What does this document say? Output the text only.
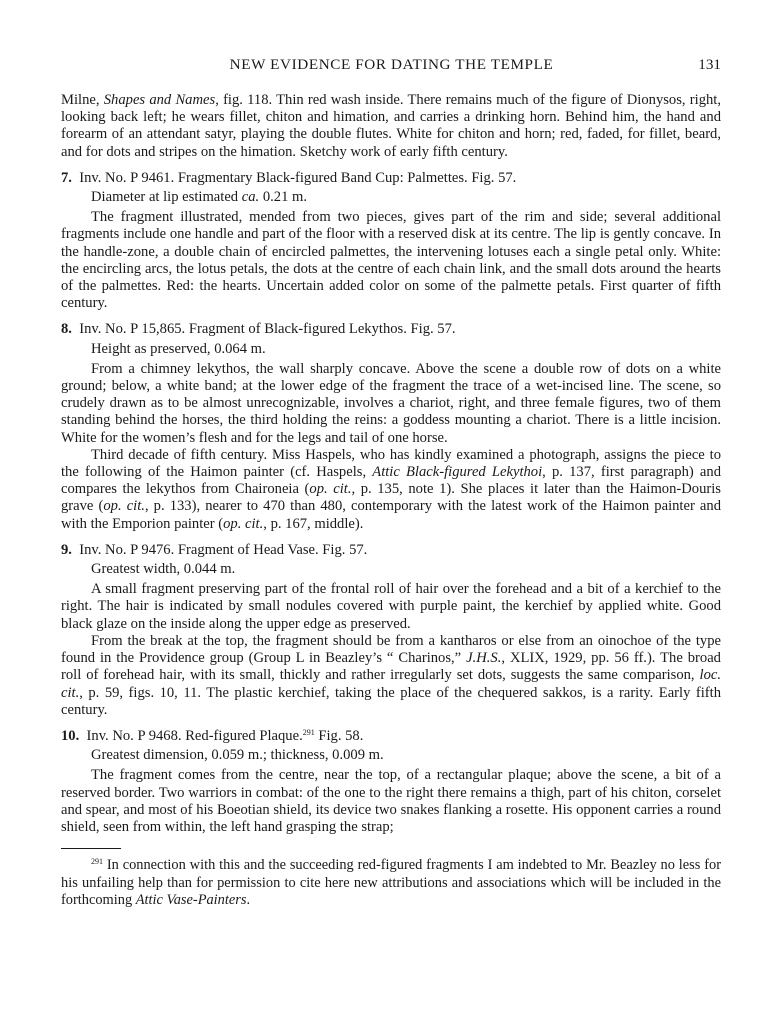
NEW EVIDENCE FOR DATING THE TEMPLE	131

Milne, Shapes and Names, fig. 118. Thin red wash inside. There remains much of the figure of Dionysos, right, looking back left; he wears fillet, chiton and himation, and carries a drinking horn. Behind him, the hand and forearm of an attendant satyr, playing the double flutes. White for chiton and horn; red, faded, for fillet, beard, and for dots and stripes on the himation. Sketchy work of early fifth century.

7. Inv. No. P 9461. Fragmentary Black-figured Band Cup: Palmettes. Fig. 57.

Diameter at lip estimated ca. 0.21 m.

The fragment illustrated, mended from two pieces, gives part of the rim and side; several additional fragments include one handle and part of the floor with a reserved disk at its centre. The lip is gently concave. In the handle-zone, a double chain of encircled palmettes, the intervening lotuses each a single petal only. White: the encircling arcs, the lotus petals, the dots at the centre of each chain link, and the small dots around the hearts of the palmettes. Red: the hearts. Uncertain added color on some of the palmette petals. First quarter of fifth century.

8. Inv. No. P 15,865. Fragment of Black-figured Lekythos. Fig. 57.

Height as preserved, 0.064 m.

From a chimney lekythos, the wall sharply concave. Above the scene a double row of dots on a white ground; below, a white band; at the lower edge of the fragment the trace of a wet-incised line. The scene, so crudely drawn as to be almost unrecognizable, involves a chariot, right, and three female figures, two of them standing behind the horses, the third holding the reins: a goddess mounting a chariot. There is a little incision. White for the women’s flesh and for the legs and tail of one horse.

Third decade of fifth century. Miss Haspels, who has kindly examined a photograph, assigns the piece to the following of the Haimon painter (cf. Haspels, Attic Black-figured Lekythoi, p. 137, first paragraph) and compares the lekythos from Chaironeia (op. cit., p. 135, note 1). She places it later than the Haimon-Douris grave (op. cit., p. 133), nearer to 470 than 480, contemporary with the latest work of the Haimon painter and with the Emporion painter (op. cit., p. 167, middle).

9. Inv. No. P 9476. Fragment of Head Vase. Fig. 57.

Greatest width, 0.044 m.

A small fragment preserving part of the frontal roll of hair over the forehead and a bit of a kerchief to the right. The hair is indicated by small nodules covered with purple paint, the kerchief by applied white. Good black glaze on the inside along the upper edge as preserved.

From the break at the top, the fragment should be from a kantharos or else from an oinochoe of the type found in the Providence group (Group L in Beazley’s “ Charinos,” J.H.S., XLIX, 1929, pp. 56 ff.). The broad roll of forehead hair, with its small, thickly and rather irregularly set dots, suggests the same comparison, loc. cit., p. 59, figs. 10, 11. The plastic kerchief, taking the place of the chequered sakkos, is a rarity. Early fifth century.

10. Inv. No. P 9468. Red-figured Plaque.$^{291}$ Fig. 58.

Greatest dimension, 0.059 m.; thickness, 0.009 m.

The fragment comes from the centre, near the top, of a rectangular plaque; above the scene, a bit of a reserved border. Two warriors in combat: of the one to the right there remains a thigh, part of his chiton, corselet and spear, and most of his Boeotian shield, its device two snakes flanking a rosette. His opponent carries a round shield, seen from within, the left hand grasping the strap;

$^{291}$ In connection with this and the succeeding red-figured fragments I am indebted to Mr. Beazley no less for his unfailing help than for permission to cite here new attributions and associations which will be included in the forthcoming Attic Vase-Painters.
